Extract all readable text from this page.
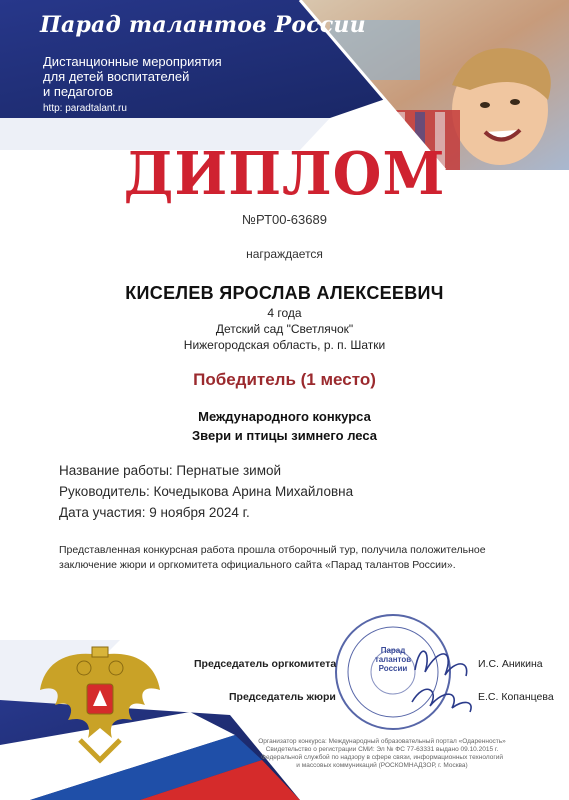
Парад талантов России
Дистанционные мероприятия
для детей воспитателей
и педагогов
http: paradtalant.ru
ДИПЛОМ
№РТ00-63689
награждается
КИСЕЛЕВ ЯРОСЛАВ АЛЕКСЕЕВИЧ
4 года
Детский сад "Светлячок"
Нижегородская область, р. п. Шатки
Победитель (1 место)
Международного конкурса
Звери и птицы зимнего леса
Название работы: Пернатые зимой
Руководитель: Кочедыкова Арина Михайловна
Дата участия: 9 ноября 2024 г.
Представленная конкурсная работа прошла отборочный тур, получила положительное заключение жюри и оргкомитета официального сайта «Парад талантов России».
Парад
талантов
России
Председатель оргкомитета	И.С. Аникина
Председатель жюри	Е.С. Копанцева
Организатор конкурса: Международный образовательный портал «Одаренность»
Свидетельство о регистрации СМИ: Эл № ФС 77-63331 выдано 09.10.2015 г.
Федеральной службой по надзору в сфере связи, информационных технологий
и массовых коммуникаций (РОСКОМНАДЗОР, г. Москва)
